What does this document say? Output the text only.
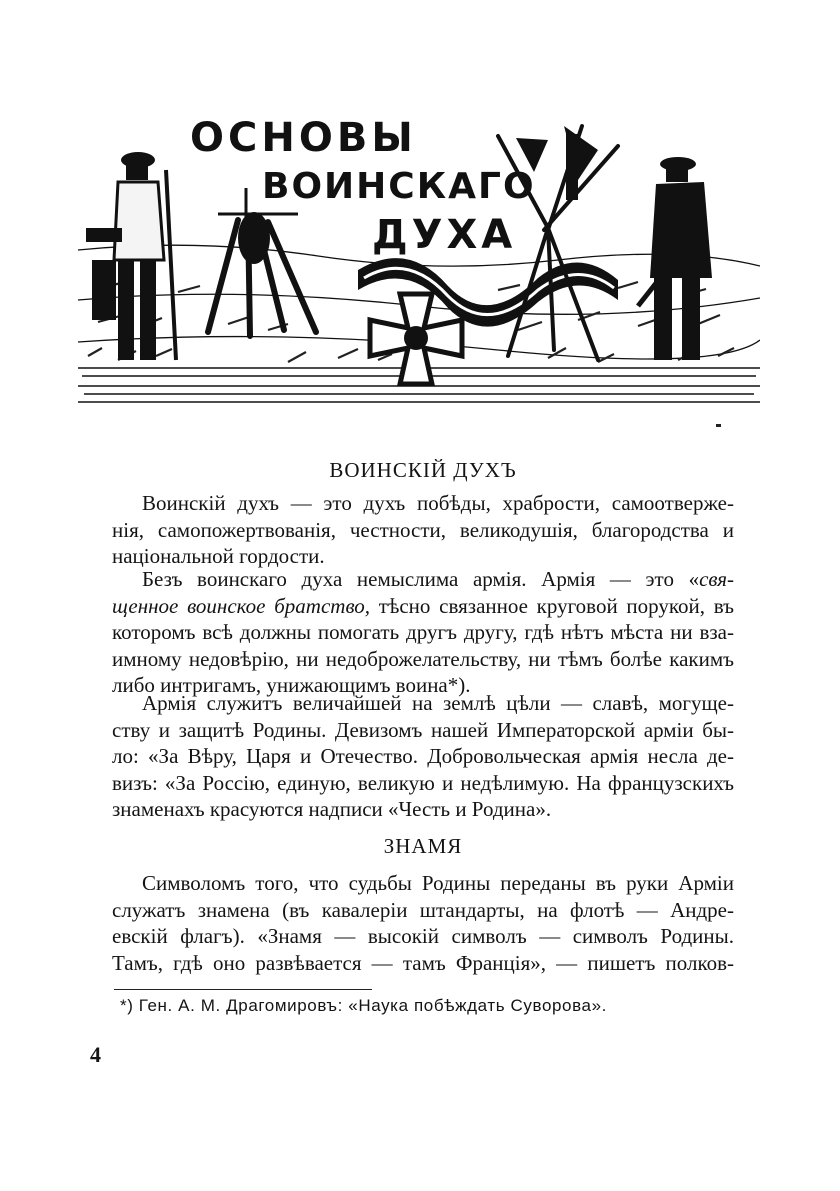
ОСНОВЫ
ВОИНСКАГО
ДУХА
ВОИНСКІЙ ДУХЪ
Воинскій духъ — это духъ побѣды, храбрости, самоотверже-
нія, самопожертвованія, честности, великодушія, благородства и
національной гордости.
Безъ воинскаго духа немыслима армія. Армія — это «свя-
щенное воинское братство, тѣсно связанное круговой порукой, въ
которомъ всѣ должны помогать другъ другу, гдѣ нѣтъ мѣста ни вза-
имному недовѣрію, ни недоброжелательству, ни тѣмъ болѣе какимъ
либо интригамъ, унижающимъ воина*).
Армія служитъ величайшей на землѣ цѣли — славѣ, могуще-
ству и защитѣ Родины. Девизомъ нашей Императорской арміи бы-
ло: «За Вѣру, Царя и Отечество. Добровольческая армія несла де-
визъ: «За Россію, единую, великую и недѣлимую. На французскихъ
знаменахъ красуются надписи «Честь и Родина».
ЗНАМЯ
Символомъ того, что судьбы Родины переданы въ руки Арміи
служатъ знамена (въ кавалеріи штандарты, на флотѣ — Андре-
евскій флагъ). «Знамя — высокій символъ — символъ Родины.
Тамъ, гдѣ оно развѣвается — тамъ Франція», — пишетъ полков-
*) Ген. А. М. Драгомировъ: «Наука побѣждать Суворова».
4
